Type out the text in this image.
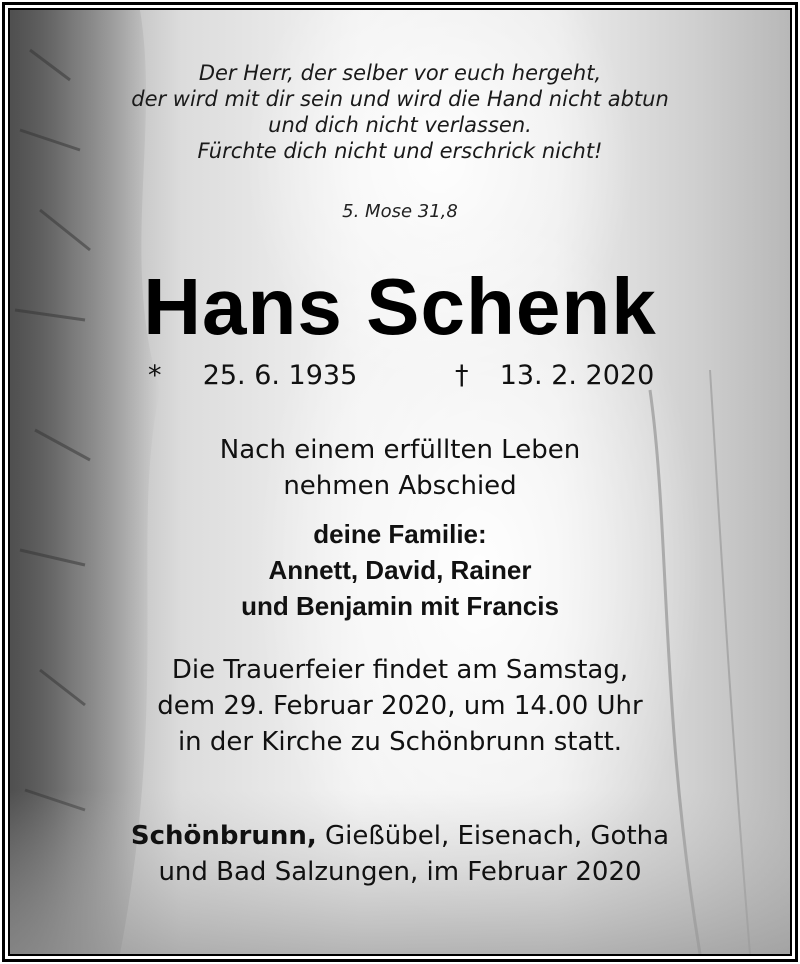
Der Herr, der selber vor euch hergeht,
der wird mit dir sein und wird die Hand nicht abtun
und dich nicht verlassen.
Fürchte dich nicht und erschrick nicht!
5. Mose 31,8
Hans Schenk
* 25. 6. 1935	† 13. 2. 2020
Nach einem erfüllten Leben
nehmen Abschied
deine Familie:
Annett, David, Rainer
und Benjamin mit Francis
Die Trauerfeier findet am Samstag,
dem 29. Februar 2020, um 14.00 Uhr
in der Kirche zu Schönbrunn statt.
Schönbrunn, Gießübel, Eisenach, Gotha
und Bad Salzungen, im Februar 2020
